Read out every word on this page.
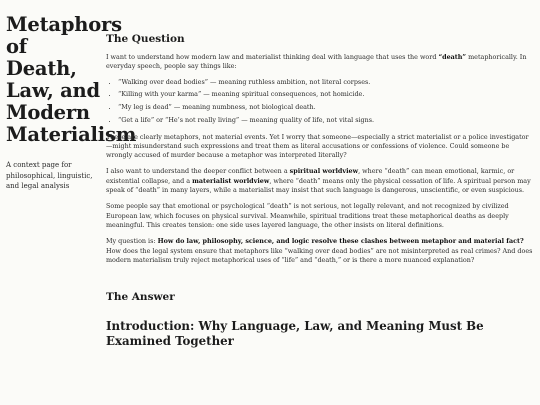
Metaphors
of Death,
Law, and
Modern
Materialism
A context page for philosophical, linguistic, and legal analysis
The Question

I want to understand how modern law and materialist thinking deal with language that uses the word “death” metaphorically. In everyday speech, people say things like:

• “Walking over dead bodies” — meaning ruthless ambition, not literal corpses.
• “Killing with your karma” — meaning spiritual consequences, not homicide.
• “My leg is dead” — meaning numbness, not biological death.
• “Get a life” or “He’s not really living” — meaning quality of life, not vital signs.

These are clearly metaphors, not material events. Yet I worry that someone—especially a strict materialist or a police investigator—might misunderstand such expressions and treat them as literal accusations or confessions of violence. Could someone be wrongly accused of murder because a metaphor was interpreted literally?

I also want to understand the deeper conflict between a spiritual worldview, where “death” can mean emotional, karmic, or existential collapse, and a materialist worldview, where “death” means only the physical cessation of life. A spiritual person may speak of “death” in many layers, while a materialist may insist that such language is dangerous, unscientific, or even suspicious.

Some people say that emotional or psychological “death” is not serious, not legally relevant, and not recognized by civilized European law, which focuses on physical survival. Meanwhile, spiritual traditions treat these metaphorical deaths as deeply meaningful. This creates tension: one side uses layered language, the other insists on literal definitions.

My question is: How do law, philosophy, science, and logic resolve these clashes between metaphor and material fact? How does the legal system ensure that metaphors like “walking over dead bodies” are not misinterpreted as real crimes? And does modern materialism truly reject metaphorical uses of “life” and “death,” or is there a more nuanced explanation?

The Answer
Introduction: Why Language, Law, and Meaning Must Be Examined Together
